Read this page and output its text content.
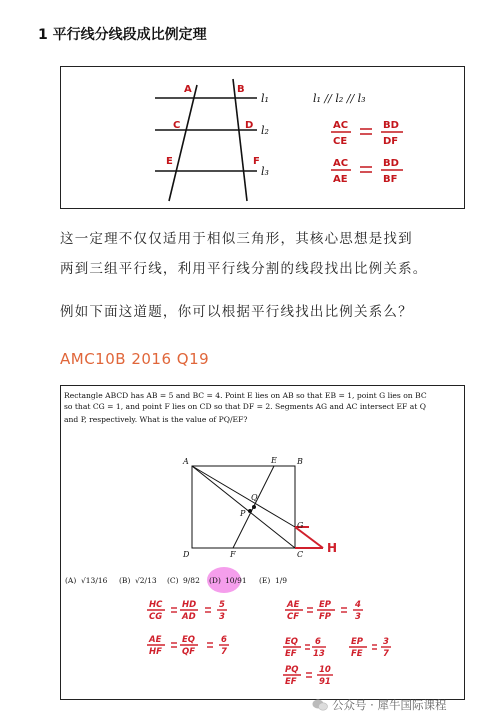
1 平行线分线段成比例定理
A	B
C	D
E	F
l₁
l₂
l₃
l₁ // l₂ // l₃
AC
CE
BD
DF
AC
AE
BD
BF
这一定理不仅仅适用于相似三角形，其核心思想是找到
两到三组平行线，利用平行线分割的线段找出比例关系。
例如下面这道题，你可以根据平行线找出比例关系么？
AMC10B 2016 Q19
Rectangle ABCD has AB = 5 and BC = 4. Point E lies on AB so that EB = 1, point G lies on BC
so that CG = 1, and point F lies on CD so that DF = 2. Segments AG and AC intersect EF at Q
and P, respectively. What is the value of PQ/EF?
A	E	B
Q
P
G
D	F	C H
(A) √13/16 (B) √2/13 (C) 9/82 (D) 10/91 (E) 1/9
HC
CG
HD
AD
5
3
AE
CF
EP
FP
4
3
AE
HF
EQ
QF
6
7
EQ
EF
6
13
EP
FE
3
7
PQ
EF
10
91
公众号 · 犀牛国际课程
